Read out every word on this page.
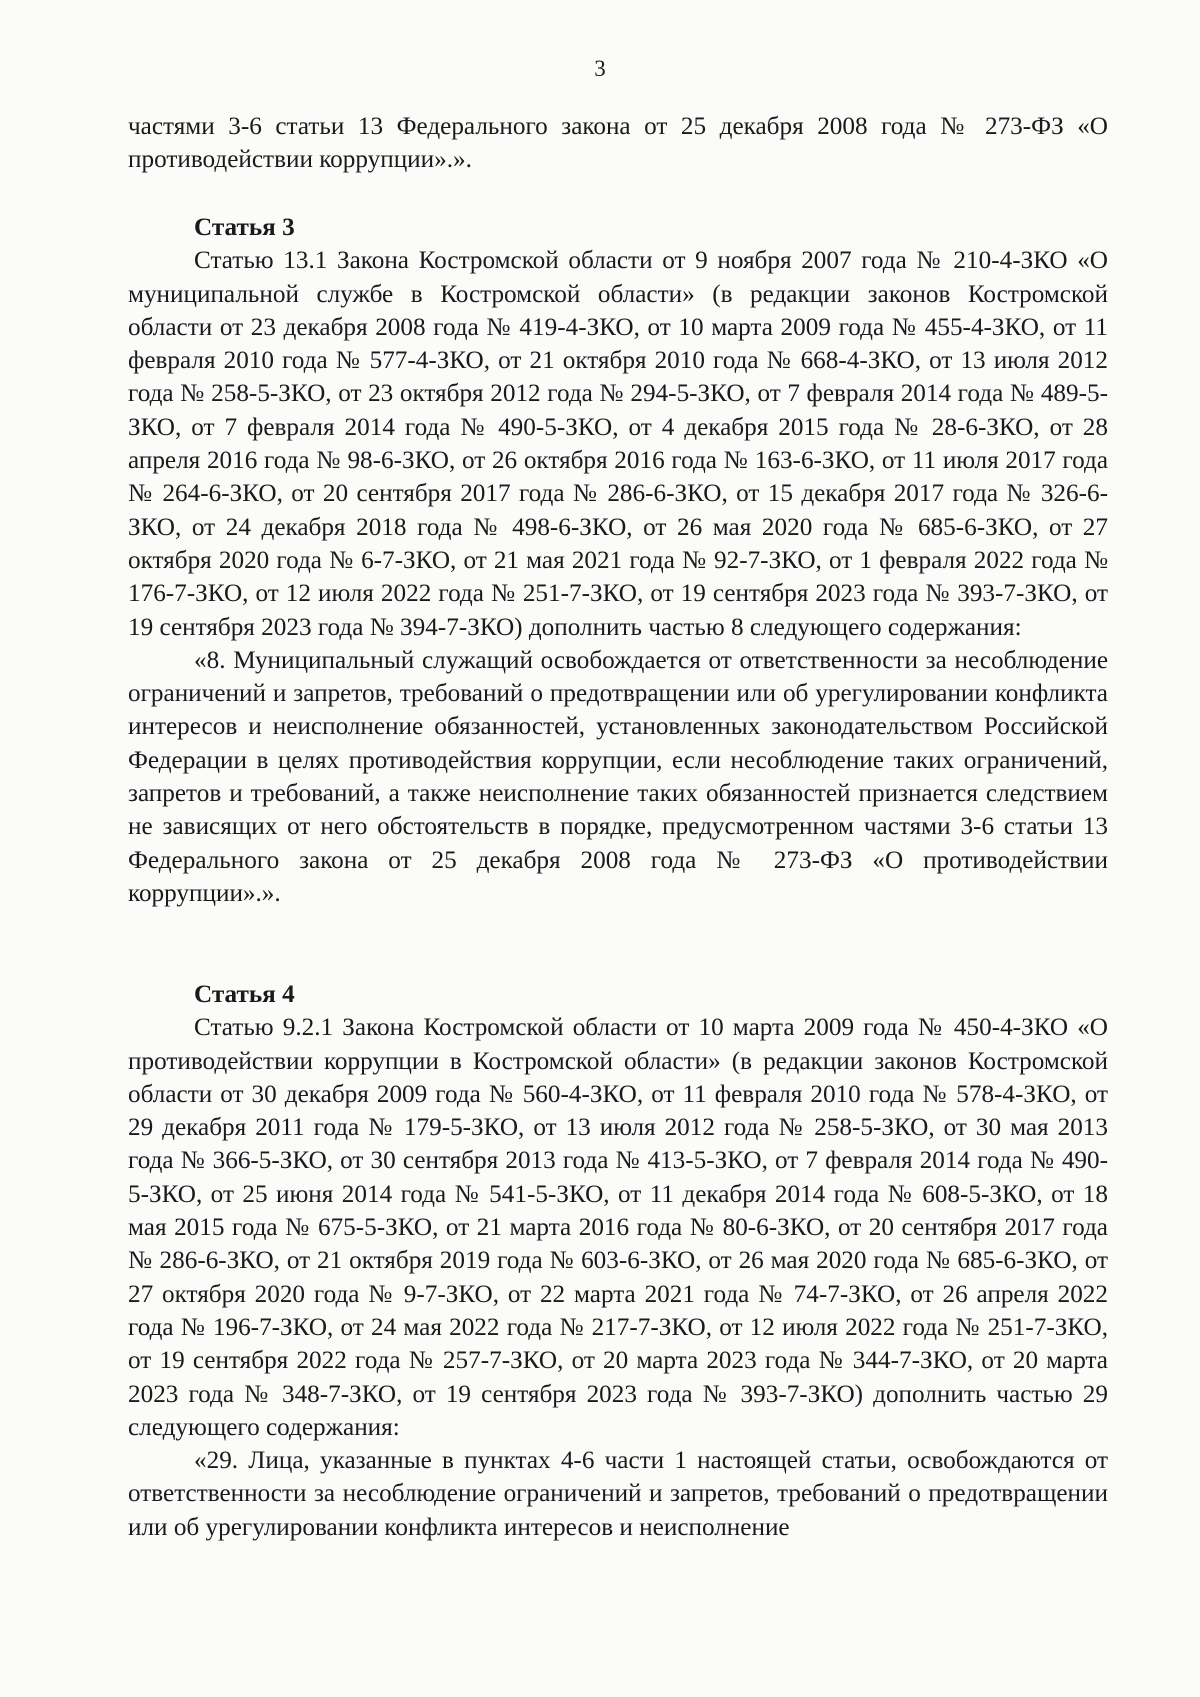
3

частями 3-6 статьи 13 Федерального закона от 25 декабря 2008 года № 273-ФЗ «О противодействии коррупции».».

Статья 3

Статью 13.1 Закона Костромской области от 9 ноября 2007 года № 210-4-ЗКО «О муниципальной службе в Костромской области» (в редакции законов Костромской области от 23 декабря 2008 года № 419-4-ЗКО, от 10 марта 2009 года № 455-4-ЗКО, от 11 февраля 2010 года № 577-4-ЗКО, от 21 октября 2010 года № 668-4-ЗКО, от 13 июля 2012 года № 258-5-ЗКО, от 23 октября 2012 года № 294-5-ЗКО, от 7 февраля 2014 года № 489-5-ЗКО, от 7 февраля 2014 года № 490-5-ЗКО, от 4 декабря 2015 года № 28-6-ЗКО, от 28 апреля 2016 года № 98-6-ЗКО, от 26 октября 2016 года № 163-6-ЗКО, от 11 июля 2017 года № 264-6-ЗКО, от 20 сентября 2017 года № 286-6-ЗКО, от 15 декабря 2017 года № 326-6-ЗКО, от 24 декабря 2018 года № 498-6-ЗКО, от 26 мая 2020 года № 685-6-ЗКО, от 27 октября 2020 года № 6-7-ЗКО, от 21 мая 2021 года № 92-7-ЗКО, от 1 февраля 2022 года № 176-7-ЗКО, от 12 июля 2022 года № 251-7-ЗКО, от 19 сентября 2023 года № 393-7-ЗКО, от 19 сентября 2023 года № 394-7-ЗКО) дополнить частью 8 следующего содержания:

«8. Муниципальный служащий освобождается от ответственности за несоблюдение ограничений и запретов, требований о предотвращении или об урегулировании конфликта интересов и неисполнение обязанностей, установленных законодательством Российской Федерации в целях противодействия коррупции, если несоблюдение таких ограничений, запретов и требований, а также неисполнение таких обязанностей признается следствием не зависящих от него обстоятельств в порядке, предусмотренном частями 3-6 статьи 13 Федерального закона от 25 декабря 2008 года № 273-ФЗ «О противодействии коррупции».».

Статья 4

Статью 9.2.1 Закона Костромской области от 10 марта 2009 года № 450-4-ЗКО «О противодействии коррупции в Костромской области» (в редакции законов Костромской области от 30 декабря 2009 года № 560-4-ЗКО, от 11 февраля 2010 года № 578-4-ЗКО, от 29 декабря 2011 года № 179-5-ЗКО, от 13 июля 2012 года № 258-5-ЗКО, от 30 мая 2013 года № 366-5-ЗКО, от 30 сентября 2013 года № 413-5-ЗКО, от 7 февраля 2014 года № 490-5-ЗКО, от 25 июня 2014 года № 541-5-ЗКО, от 11 декабря 2014 года № 608-5-ЗКО, от 18 мая 2015 года № 675-5-ЗКО, от 21 марта 2016 года № 80-6-ЗКО, от 20 сентября 2017 года № 286-6-ЗКО, от 21 октября 2019 года № 603-6-ЗКО, от 26 мая 2020 года № 685-6-ЗКО, от 27 октября 2020 года № 9-7-ЗКО, от 22 марта 2021 года № 74-7-ЗКО, от 26 апреля 2022 года № 196-7-ЗКО, от 24 мая 2022 года № 217-7-ЗКО, от 12 июля 2022 года № 251-7-ЗКО, от 19 сентября 2022 года № 257-7-ЗКО, от 20 марта 2023 года № 344-7-ЗКО, от 20 марта 2023 года № 348-7-ЗКО, от 19 сентября 2023 года № 393-7-ЗКО) дополнить частью 29 следующего содержания:

«29. Лица, указанные в пунктах 4-6 части 1 настоящей статьи, освобождаются от ответственности за несоблюдение ограничений и запретов, требований о предотвращении или об урегулировании конфликта интересов и неисполнение
